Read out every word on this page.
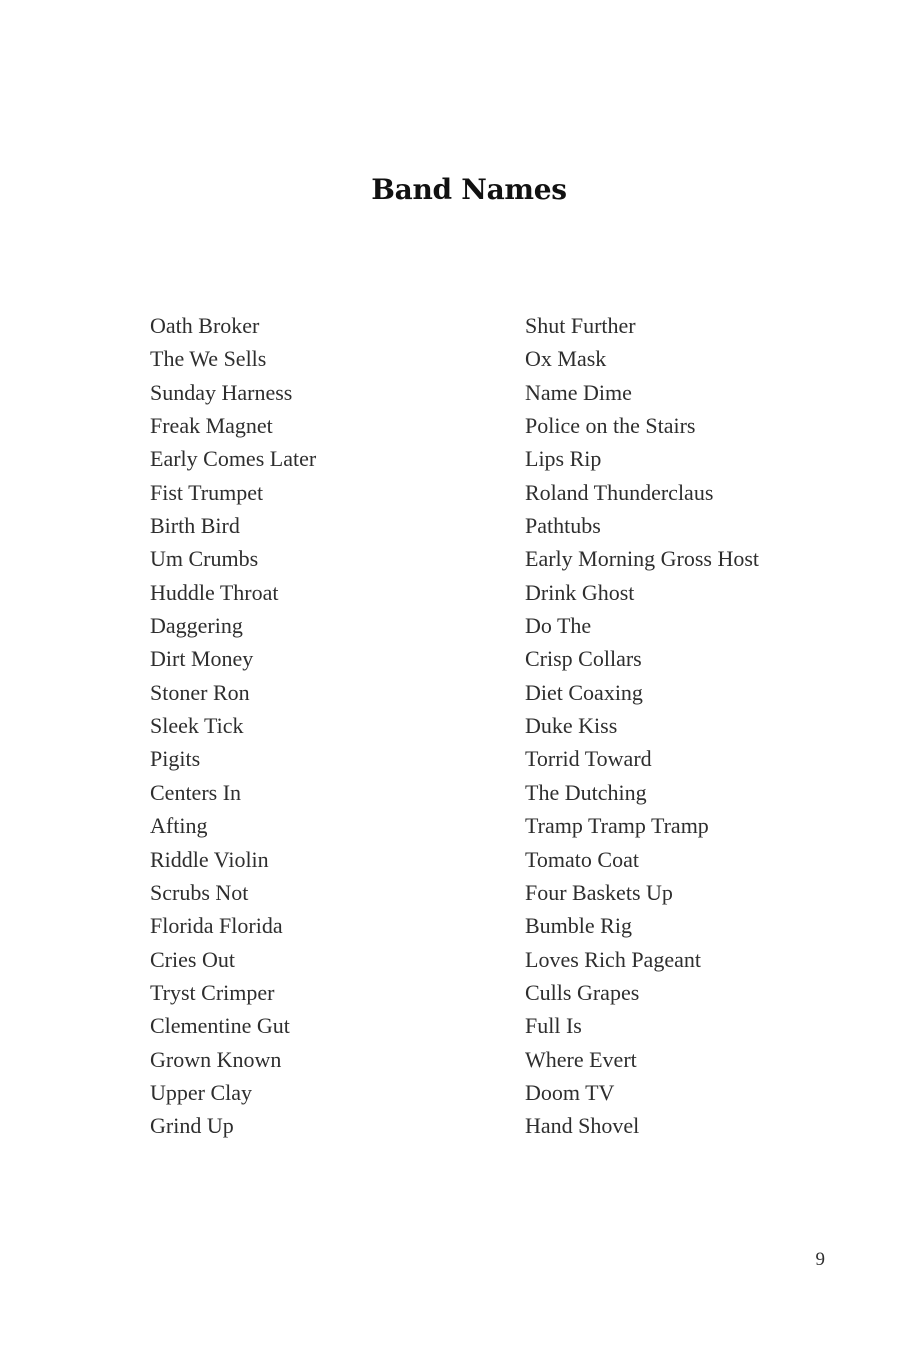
Band Names
Oath Broker
The We Sells
Sunday Harness
Freak Magnet
Early Comes Later
Fist Trumpet
Birth Bird
Um Crumbs
Huddle Throat
Daggering
Dirt Money
Stoner Ron
Sleek Tick
Pigits
Centers In
Afting
Riddle Violin
Scrubs Not
Florida Florida
Cries Out
Tryst Crimper
Clementine Gut
Grown Known
Upper Clay
Grind Up
Shut Further
Ox Mask
Name Dime
Police on the Stairs
Lips Rip
Roland Thunderclaus
Pathtubs
Early Morning Gross Host
Drink Ghost
Do The
Crisp Collars
Diet Coaxing
Duke Kiss
Torrid Toward
The Dutching
Tramp Tramp Tramp
Tomato Coat
Four Baskets Up
Bumble Rig
Loves Rich Pageant
Culls Grapes
Full Is
Where Evert
Doom TV
Hand Shovel
9
